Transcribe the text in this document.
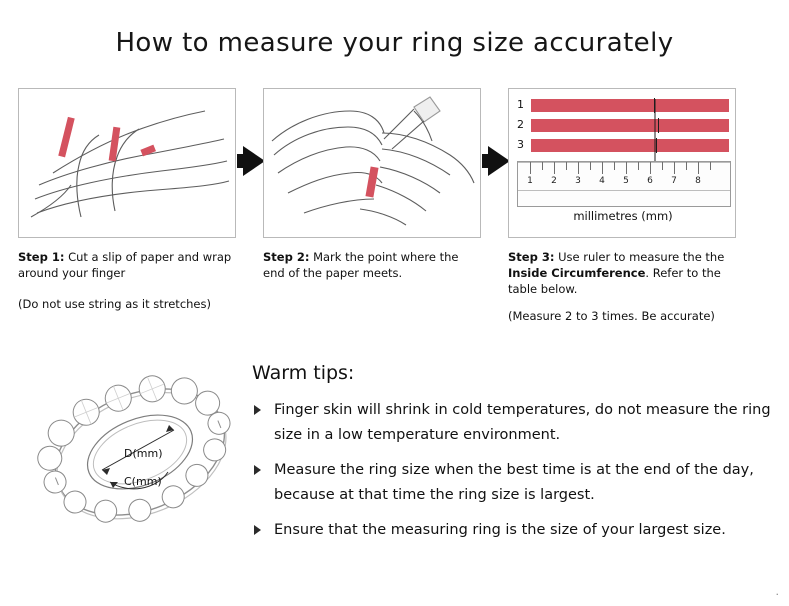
How to measure your ring size accurately
Step 1: Cut a slip of paper and wrap around your finger
(Do not use string as it stretches)
Step 2: Mark the point where the end of the paper meets.
1
2
3
1 2 3 4 5 6 7 8
millimetres (mm)
Step 3: Use ruler to measure the the Inside Circumference. Refer to the table below.
(Measure 2 to 3 times. Be accurate)
D(mm)
C(mm)
Warm tips:
Finger skin will shrink in cold temperatures, do not measure the ring size in a low temperature environment.
Measure the ring size when the best time is at the end of the day, because at that time the ring size is largest.
Ensure that the measuring ring is the size of your largest size.
.
